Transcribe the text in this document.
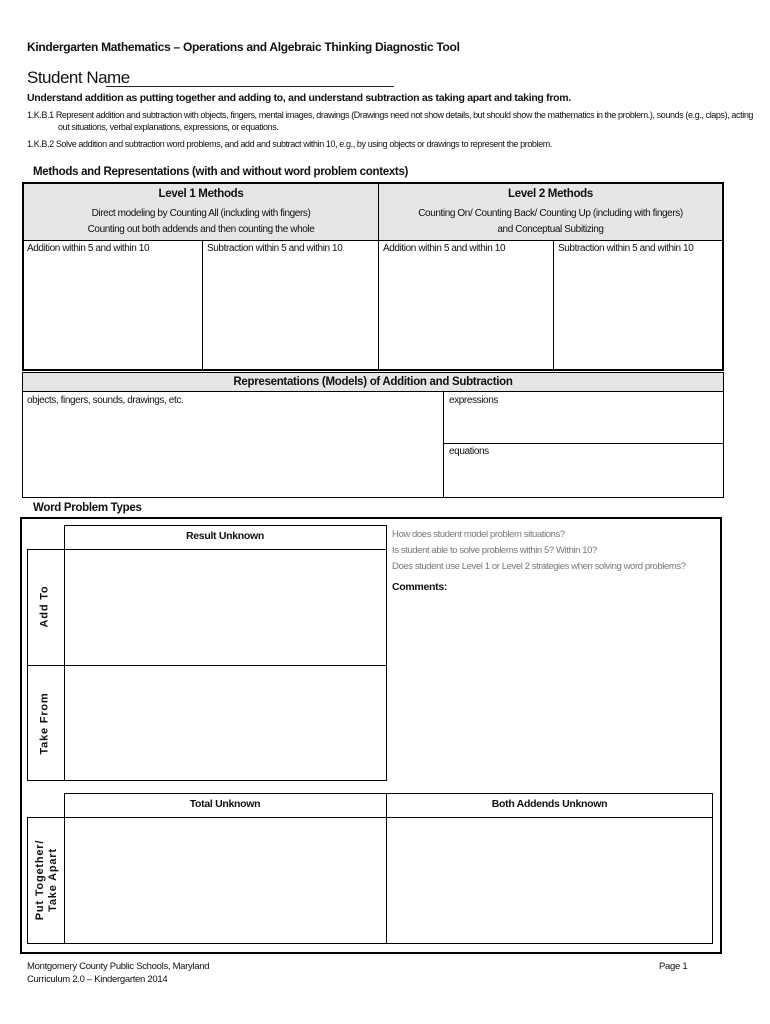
Kindergarten Mathematics – Operations and Algebraic Thinking Diagnostic Tool
Student Name
Understand addition as putting together and adding to, and understand subtraction as taking apart and taking from.
1.K.B.1 Represent addition and subtraction with objects, fingers, mental images, drawings (Drawings need not show details, but should show the mathematics in the problem.), sounds (e.g., claps), acting
out situations, verbal explanations, expressions, or equations.
1.K.B.2 Solve addition and subtraction word problems, and add and subtract within 10, e.g., by using objects or drawings to represent the problem.
Methods and Representations (with and without word problem contexts)
Level 1 Methods
Direct modeling by Counting All (including with fingers)
Counting out both addends and then counting the whole
Level 2 Methods
Counting On/ Counting Back/ Counting Up (including with fingers)
and Conceptual Subitizing
Addition within 5 and within 10	Subtraction within 5 and within 10	Addition within 5 and within 10	Subtraction within 5 and within 10
Representations (Models) of Addition and Subtraction
objects, fingers, sounds, drawings, etc.	expressions
equations
Word Problem Types
Result Unknown
Add To
Take From
How does student model problem situations?
Is student able to solve problems within 5? Within 10?
Does student use Level 1 or Level 2 strategies when solving word problems?
Comments:
Total Unknown	Both Addends Unknown
Put Together/ Take Apart
Montgomery County Public Schools, Maryland
Curriculum 2.0 – Kindergarten 2014
Page 1
